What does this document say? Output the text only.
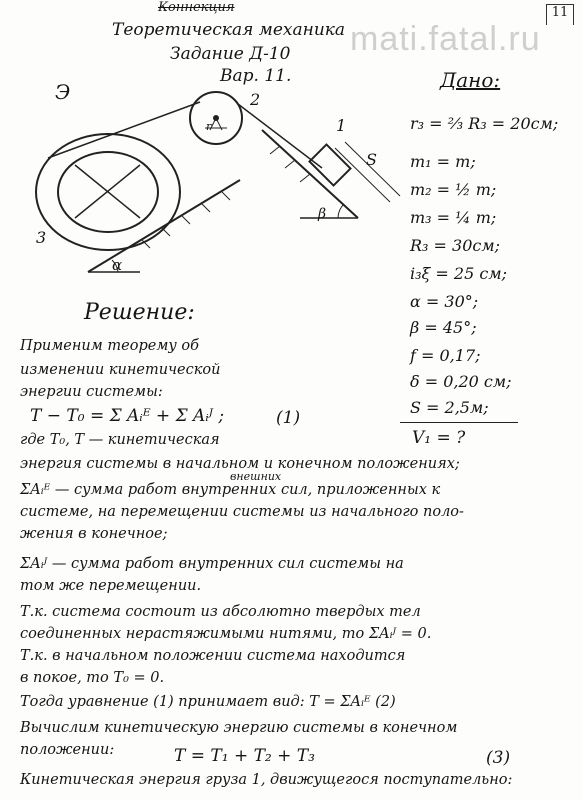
mati.fatal.ru
11
Коннекция
Теоретическая механика
Задание Д-10
Вар. 11.
Э	2
r	1
S
β
3
α
Дано:
r₃ = ⅔ R₃ = 20см;
m₁ = m;
m₂ = ½ m;
m₃ = ¼ m;
R₃ = 30см;
i₃ξ = 25 см;
α = 30°;
β = 45°;
f = 0,17;
δ = 0,20 см;
S = 2,5м;
V₁ = ?
Решение:
Применим теорему об
изменении кинетической
энергии системы:
T − T₀ = Σ Aᵢᴱ + Σ Aᵢᴶ ;	(1)
где T₀, T — кинетическая
энергия системы в начальном и конечном положениях;
внешних
ΣAᵢᴱ — сумма работ внутренних сил, приложенных к
системе, на перемещении системы из начального поло-
жения в конечное;
ΣAᵢᴶ — сумма работ внутренних сил системы на
том же перемещении.
Т.к. система состоит из абсолютно твердых тел
соединенных нерастяжимыми нитями, то ΣAᵢᴶ = 0.
Т.к. в начальном положении система находится
в покое, то T₀ = 0.
Тогда уравнение (1) принимает вид: T = ΣAᵢᴱ (2)
Вычислим кинетическую энергию системы в конечном
положении:	T = T₁ + T₂ + T₃	(3)
Кинетическая энергия груза 1, движущегося поступательно:
